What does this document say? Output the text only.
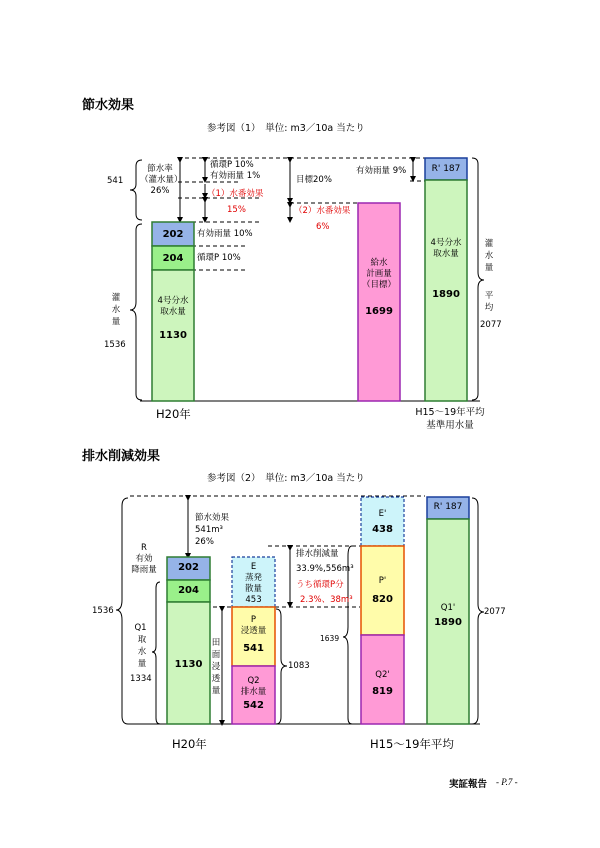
節水効果
参考図（1）　単位: m3／10a 当たり
541
節水率
（灌水量）
26%
灌
水
量
1536
循環P 10%
有効雨量 1%
（1）水番効果
15%
目標20%
（2）水番効果
6%
有効雨量 9%
有効雨量 10%
循環P 10%
202
204
4号分水
取水量
1130
給水
計画量
（目標）
1699
R' 187
4号分水
取水量
1890
灌
水
量
平
均
2077
H20年	H15～19年平均
基準用水量
排水削減効果
参考図（2）　単位: m3／10a 当たり
節水効果
541m³
26%
R
有効
降雨量	202
204
1130
1536
Q1
取
水
量
1334
E
蒸発
散量
453
田
面
浸
透
量
P
浸透量
541
Q2
排水量
542
1083
排水削減量
33.9%,556m³
うち循環P分
2.3%、38m³
E'
438
P'
820
Q2'
819
1639
R' 187
Q1'
1890
2077
H20年	H15～19年平均
実証報告 - P.7 -
